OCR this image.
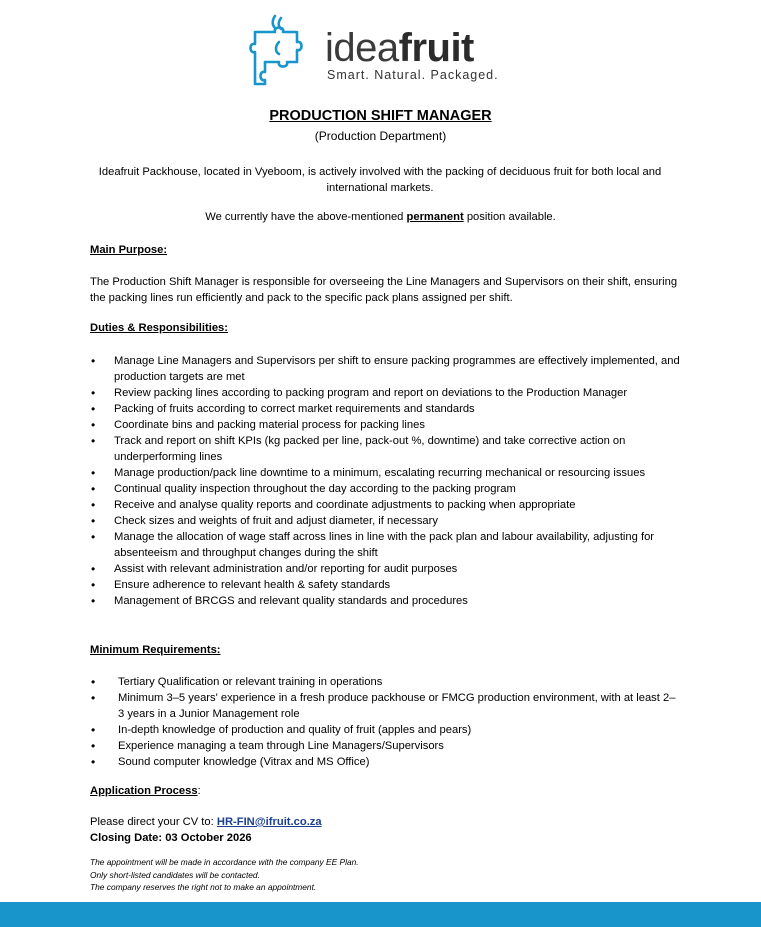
ideafruit
Smart. Natural. Packaged.
PRODUCTION SHIFT MANAGER
(Production Department)
Ideafruit Packhouse, located in Vyeboom, is actively involved with the packing of deciduous fruit for both local and international markets.
We currently have the above-mentioned permanent position available.
Main Purpose:
The Production Shift Manager is responsible for overseeing the Line Managers and Supervisors on their shift, ensuring the packing lines run efficiently and pack to the specific pack plans assigned per shift.
Duties & Responsibilities:
• Manage Line Managers and Supervisors per shift to ensure packing programmes are effectively implemented, and production targets are met
• Review packing lines according to packing program and report on deviations to the Production Manager
• Packing of fruits according to correct market requirements and standards
• Coordinate bins and packing material process for packing lines
• Track and report on shift KPIs (kg packed per line, pack-out %, downtime) and take corrective action on underperforming lines
• Manage production/pack line downtime to a minimum, escalating recurring mechanical or resourcing issues
• Continual quality inspection throughout the day according to the packing program
• Receive and analyse quality reports and coordinate adjustments to packing when appropriate
• Check sizes and weights of fruit and adjust diameter, if necessary
• Manage the allocation of wage staff across lines in line with the pack plan and labour availability, adjusting for absenteeism and throughput changes during the shift
• Assist with relevant administration and/or reporting for audit purposes
• Ensure adherence to relevant health & safety standards
• Management of BRCGS and relevant quality standards and procedures
Minimum Requirements:
• Tertiary Qualification or relevant training in operations
• Minimum 3–5 years' experience in a fresh produce packhouse or FMCG production environment, with at least 2–3 years in a Junior Management role
• In-depth knowledge of production and quality of fruit (apples and pears)
• Experience managing a team through Line Managers/Supervisors
• Sound computer knowledge (Vitrax and MS Office)
Application Process:
Please direct your CV to: HR-FIN@ifruit.co.za
Closing Date: 03 October 2026
The appointment will be made in accordance with the company EE Plan.
Only short-listed candidates will be contacted.
The company reserves the right not to make an appointment.
